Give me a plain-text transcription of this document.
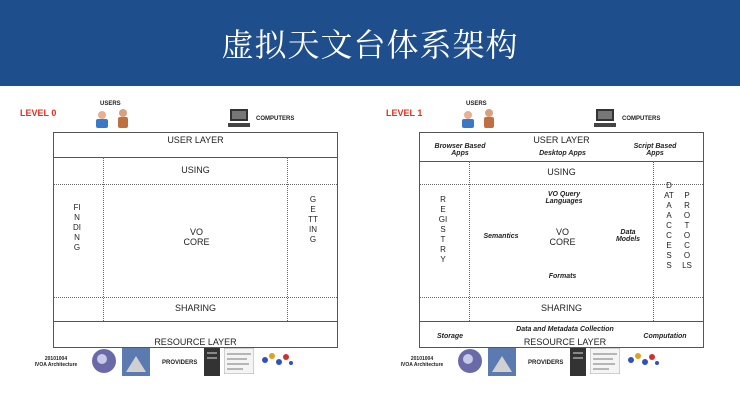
虚拟天文台体系架构
LEVEL 0
USERS
COMPUTERS
USER LAYER
USING
FINDING
GETTING
VO
CORE
SHARING
RESOURCE LAYER
20101004
IVOA Architecture	PROVIDERS
LEVEL 1
USERS
COMPUTERS
USER LAYER
Browser Based
Apps	Desktop Apps
Script Based
Apps
USING
REGISTRY
DATA ACCESS
PROTOCOLS
VO Query
Languages
Semantics	VO
CORE
Data
Models
Formats
SHARING
Storage
Data and Metadata Collection
RESOURCE LAYER
Computation
20101004
IVOA Architecture	PROVIDERS
